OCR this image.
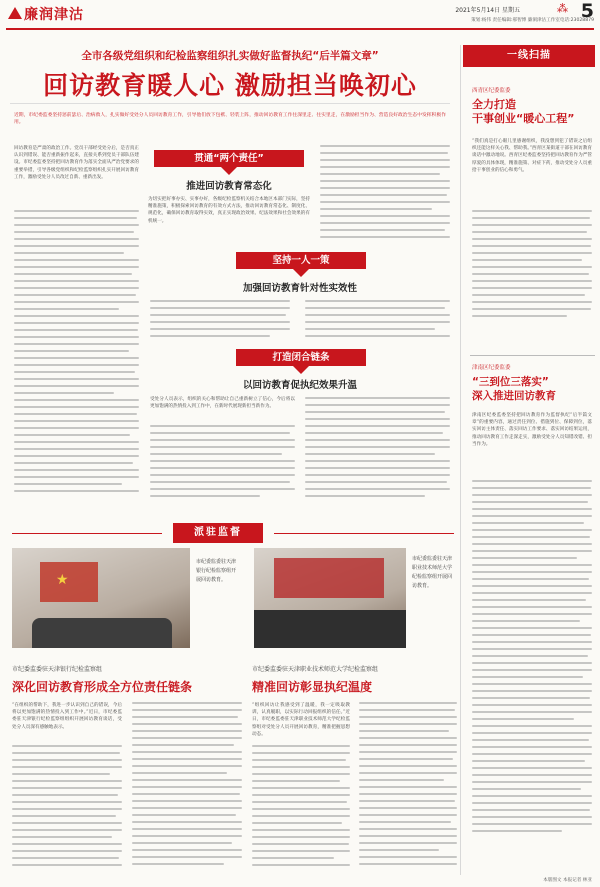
廉润津沽	2021年5月14日 星期五	⁂ 5
策划:杨伟 责任编辑:郝智博 廉洞津沽工作室电话:23028879
全市各级党组织和纪检监察组织扎实做好监督执纪“后半篇文章”
回访教育暖人心 激励担当唤初心
近期，市纪委监委坚持惩前毖后、治病救人，扎实做好受处分人员回访教育工作，引导他们放下包袱、轻装上阵，推动回访教育工作往深里走、往实里走，在激励担当作为、营造良好政治生态中发挥积极作用。
一线扫描
西青区纪委监委
全力打造
干事创业“暖心工程”
“我们真是打心眼儿里感谢组织，我没想到犯了错误之后组织还能这样关心我、帮助我。”西青区某街道干部在回访教育谈话中激动地说。西青区纪委监委坚持把回访教育作为严管厚爱的具体体现，精准施策、对症下药，推动受处分人员重拾干事创业的信心和勇气。
津南区纪委监委
“三到位三落实”
深入推进回访教育
津南区纪委监委坚持把回访教育作为监督执纪“后半篇文章”的重要内容，通过责任到位、措施到位、保障到位，落实回访主体责任、落实回访工作要求、落实回访结果运用，推动回访教育工作走深走实，激励受处分人员知错改错、担当作为。
本版图文 本报记者 林亚
回访教育是严肃的政治工作。党员干部经受处分后，是否真正认识到错误、能否重新振作起来，直接关系到党员干部队伍建设。市纪委监委坚持把回访教育作为落实全面从严治党要求的重要举措，引导各级党组织和纪检监察组织扎实开展回访教育工作，激励受处分人员改过自新、重新出发。
贯通“两个责任”
推进回访教育常态化
为切实把好事办实、实事办好，各级纪检监察机关结合本地区本部门实际，坚持精准施策，积极探索回访教育的有效方式方法，推动回访教育常态化、制度化、规范化，确保回访教育取得实效，真正实现政治效果、纪法效果和社会效果的有机统一。
坚持一人一策
加强回访教育针对性实效性
打造闭合链条
以回访教育促执纪效果升温
受处分人员表示，组织的关心和帮助让自己重新树立了信心，今后将以更加饱满的热情投入到工作中，在新时代展现新担当新作为。
派驻监督
★
市纪委监委驻天津银行纪检监察组开展回访教育。
市纪委监委驻天津职业技术师范大学纪检监察组开展回访教育。
市纪委监委驻天津银行纪检监察组
深化回访教育形成全方位责任链条
“在组织的帮助下，我进一步认识到自己的错误，今后将以更加饱满的热情投入到工作中。”近日，市纪委监委驻天津银行纪检监察组组织开展回访教育谈话，受处分人员深有感触地表示。
市纪委监委驻天津职业技术师范大学纪检监察组
精准回访彰显执纪温度
“组织回访让我感受到了温暖，我一定吸取教训，认真履职，以实际行动回报组织的信任。”近日，市纪委监委驻天津职业技术师范大学纪检监察组对受处分人员开展回访教育，精准把握思想动态。
